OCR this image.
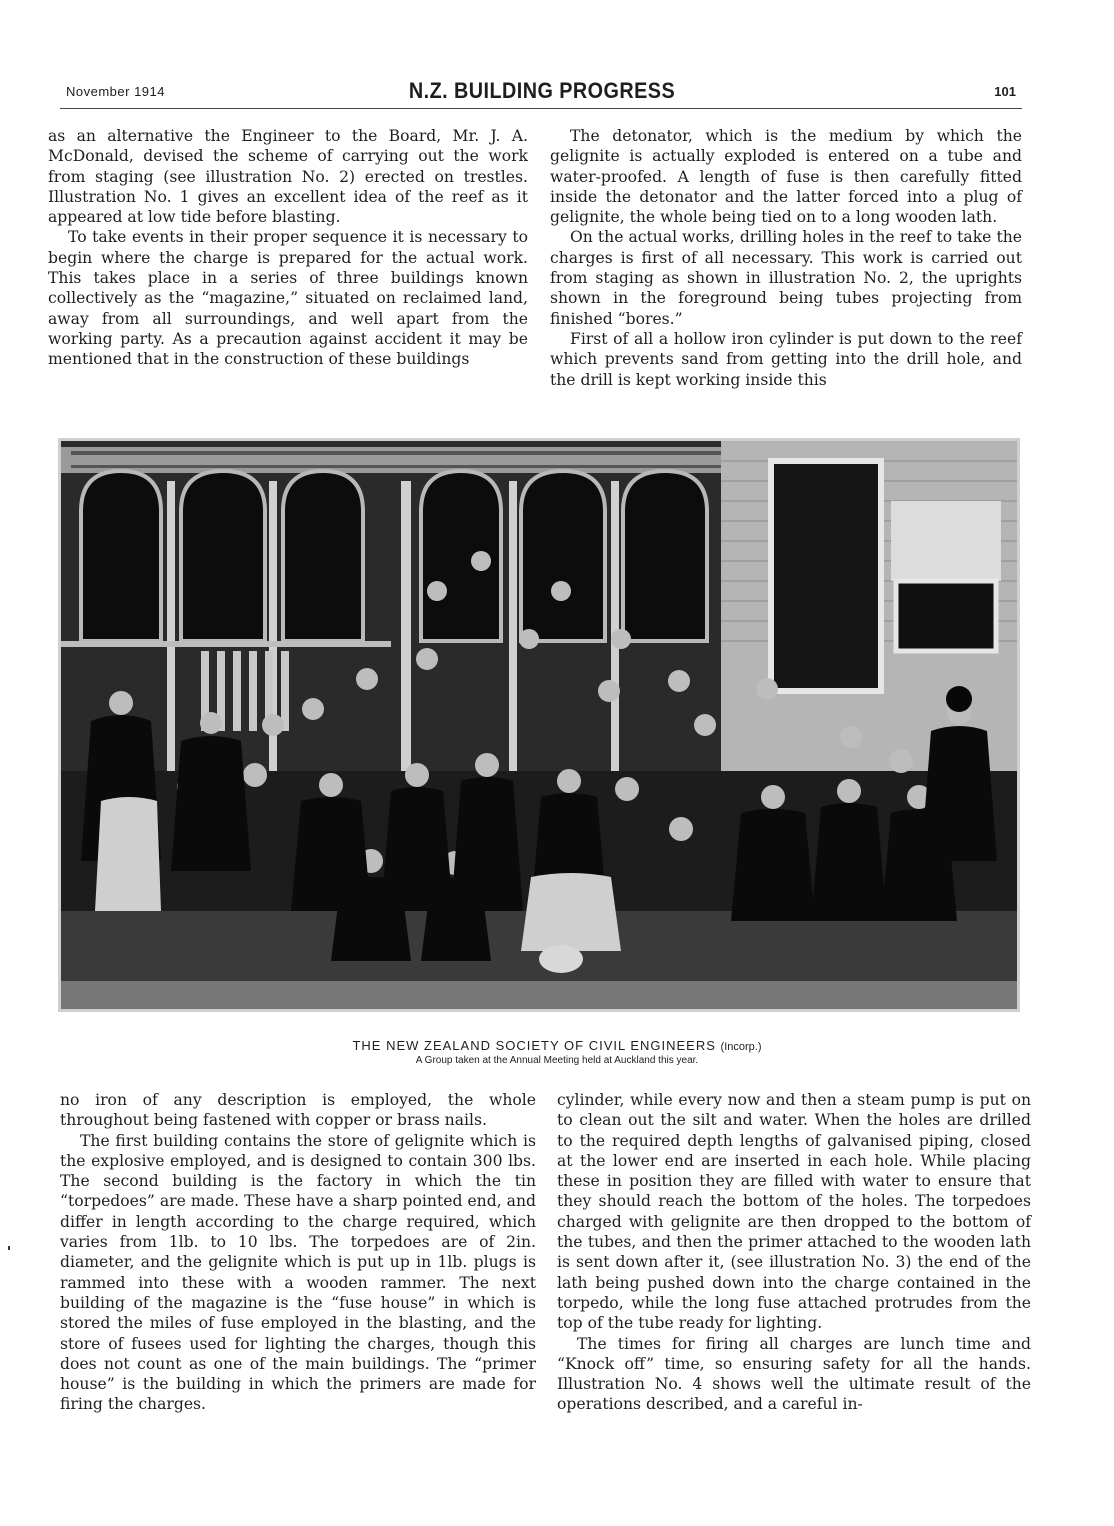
November 1914	N.Z. BUILDING PROGRESS	101

as an alternative the Engineer to the Board, Mr. J. A. McDonald, devised the scheme of carrying out the work from staging (see illustration No. 2) erected on trestles. Illustration No. 1 gives an excellent idea of the reef as it appeared at low tide before blasting.

To take events in their proper sequence it is necessary to begin where the charge is prepared for the actual work. This takes place in a series of three buildings known collectively as the “magazine,” situated on reclaimed land, away from all surroundings, and well apart from the working party. As a precaution against accident it may be mentioned that in the construction of these buildings

The detonator, which is the medium by which the gelignite is actually exploded is entered on a tube and water-proofed. A length of fuse is then carefully fitted inside the detonator and the latter forced into a plug of gelignite, the whole being tied on to a long wooden lath.

On the actual works, drilling holes in the reef to take the charges is first of all necessary. This work is carried out from staging as shown in illustration No. 2, the uprights shown in the foreground being tubes projecting from finished “bores.”

First of all a hollow iron cylinder is put down to the reef which prevents sand from getting into the drill hole, and the drill is kept working inside this

THE NEW ZEALAND SOCIETY OF CIVIL ENGINEERS (Incorp.)
A Group taken at the Annual Meeting held at Auckland this year.

no iron of any description is employed, the whole throughout being fastened with copper or brass nails.

The first building contains the store of gelignite which is the explosive employed, and is designed to contain 300 lbs. The second building is the factory in which the tin “torpedoes” are made. These have a sharp pointed end, and differ in length according to the charge required, which varies from 1lb. to 10 lbs. The torpedoes are of 2in. diameter, and the gelignite which is put up in 1lb. plugs is rammed into these with a wooden rammer. The next building of the magazine is the “fuse house” in which is stored the miles of fuse employed in the blasting, and the store of fusees used for lighting the charges, though this does not count as one of the main buildings. The “primer house” is the building in which the primers are made for firing the charges.

cylinder, while every now and then a steam pump is put on to clean out the silt and water. When the holes are drilled to the required depth lengths of galvanised piping, closed at the lower end are inserted in each hole. While placing these in position they are filled with water to ensure that they should reach the bottom of the holes. The torpedoes charged with gelignite are then dropped to the bottom of the tubes, and then the primer attached to the wooden lath is sent down after it, (see illustration No. 3) the end of the lath being pushed down into the charge contained in the torpedo, while the long fuse attached protrudes from the top of the tube ready for lighting.

The times for firing all charges are lunch time and “Knock off” time, so ensuring safety for all the hands. Illustration No. 4 shows well the ultimate result of the operations described, and a careful in-
